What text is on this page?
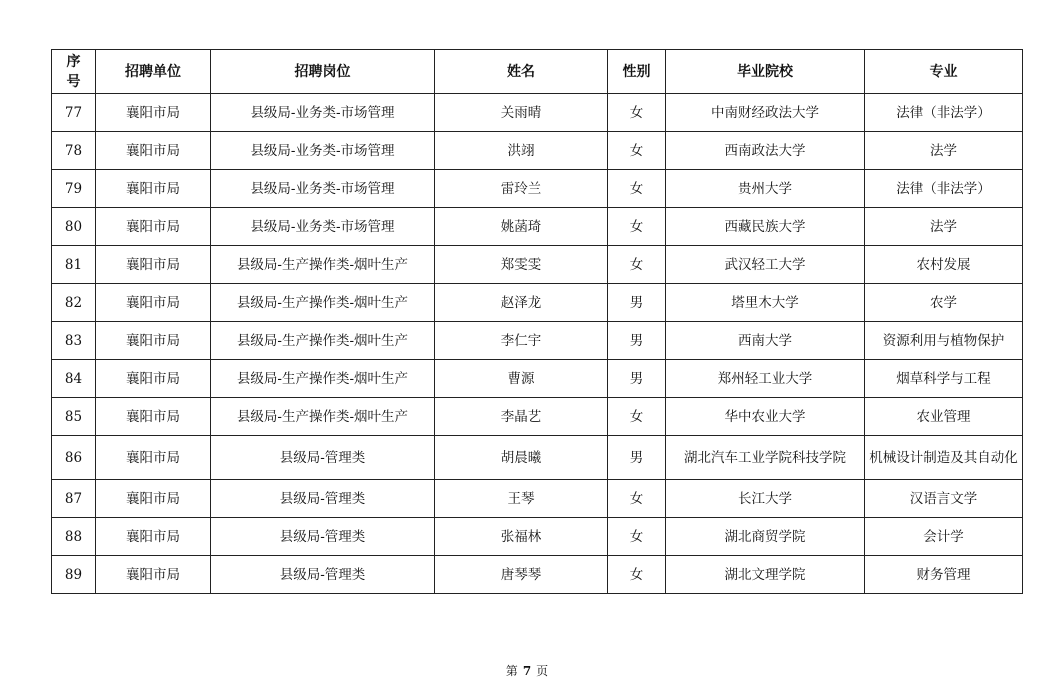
序号	招聘单位	招聘岗位	姓名	性别	毕业院校	专业
77	襄阳市局	县级局-业务类-市场管理	关雨晴	女	中南财经政法大学	法律（非法学）
78	襄阳市局	县级局-业务类-市场管理	洪翊	女	西南政法大学	法学
79	襄阳市局	县级局-业务类-市场管理	雷玲兰	女	贵州大学	法律（非法学）
80	襄阳市局	县级局-业务类-市场管理	姚菡琦	女	西藏民族大学	法学
81	襄阳市局	县级局-生产操作类-烟叶生产	郑雯雯	女	武汉轻工大学	农村发展
82	襄阳市局	县级局-生产操作类-烟叶生产	赵泽龙	男	塔里木大学	农学
83	襄阳市局	县级局-生产操作类-烟叶生产	李仁宇	男	西南大学	资源利用与植物保护
84	襄阳市局	县级局-生产操作类-烟叶生产	曹源	男	郑州轻工业大学	烟草科学与工程
85	襄阳市局	县级局-生产操作类-烟叶生产	李晶艺	女	华中农业大学	农业管理
86	襄阳市局	县级局-管理类	胡晨曦	男	湖北汽车工业学院科技学院	机械设计制造及其自动化
87	襄阳市局	县级局-管理类	王琴	女	长江大学	汉语言文学
88	襄阳市局	县级局-管理类	张福林	女	湖北商贸学院	会计学
89	襄阳市局	县级局-管理类	唐琴琴	女	湖北文理学院	财务管理
第 7 页
